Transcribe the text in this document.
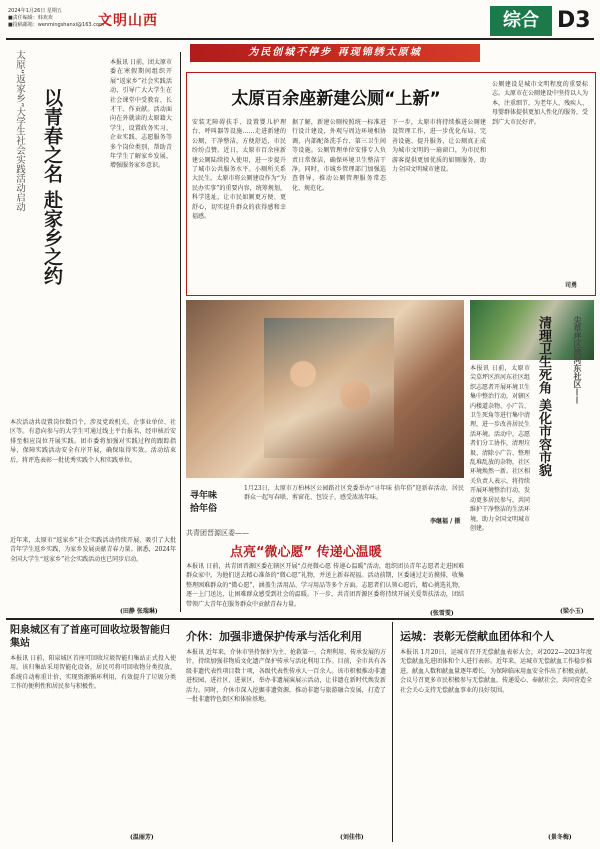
2024年1月26日 星期五
■责任编辑：韩欢欢
■投稿邮箱：wenmingshanxi@163.com
文明山西	综合 D3
为民创城不停步 再现锦绣太原城
太原“返家乡”大学生社会实践活动启动 以青春之名 赴家乡之约
本报讯 日前，团太原市委在寒假期间组织开展“返家乡”社会实践活动，引导广大大学生在社会课堂中受教育、长才干、作贡献。活动面向在外就读的太原籍大学生，设置政务实习、企业实践、志愿服务等多个岗位类别，帮助青年学生了解家乡发展，增强服务家乡意识。
本次活动共设置岗位数百个，涉及党政机关、企事业单位、社区等。有意向参与的大学生可通过线上平台报名，经审核后安排至相应岗位开展实践。团市委将加强对实践过程的跟踪指导，保障实践活动安全有序开展，确保取得实效。活动结束后，将评选表彰一批优秀实践个人和实践单位。
近年来，太原市“返家乡”社会实践活动持续开展，吸引了大批青年学生返乡实践，为家乡发展贡献青春力量。据悉，2024年全国大学生“返家乡”社会实践活动也已同步启动。
(田静 张瑞琳)
太原百余座新建公厕“上新”
安装无障碍扶手、设置婴儿护理台、呼叫器等设施……走进新建的公厕，干净整洁，方便舒适，市民纷纷点赞。近日，太原市百余座新建公厕陆续投入使用，进一步提升了城市公共服务水平。小厕所关系大民生。太原市将公厕建设作为“为民办实事”的重要内容，统筹规划，科学选址，让市民如厕更方便、更舒心，切实提升群众的获得感和幸福感。
据了解，新建公厕按照统一标准进行设计建设，外观与周边环境相协调，内部配备洗手台、第三卫生间等设施。公厕管理单位安排专人负责日常保洁，确保环境卫生整洁干净。同时，市城乡管理部门加强巡查督导，推动公厕管理服务常态化、规范化。
下一步，太原市将持续推进公厕建设管理工作，进一步优化布局、完善设施、提升服务，让公厕真正成为城市文明的一扇窗口，为市民和游客提供更加优质的如厕服务，助力全国文明城市建设。
公厕建设是城市文明程度的重要标志。太原市在公厕建设中坚持以人为本，注重细节，为老年人、残疾人、母婴群体提供更加人性化的服务，受到广大市民好评。
司勇
寻年味
拾年俗
1月23日，太原市万柏林区公园路社区党委举办“寻年味 拾年俗”迎新春活动，居民群众一起写春联、剪窗花、包饺子，感受浓浓年味。
李继福 / 摄
共青团晋源区委——
点亮“微心愿” 传递心温暖
本报讯 日前，共青团晋源区委在辖区开展“点亮微心愿 传递心温暖”活动，组织团员青年志愿者走进困难群众家中，为他们送去精心准备的“微心愿”礼物，并送上新春祝福。活动前期，区委通过走访摸排，收集整理困难群众的“微心愿”，涵盖生活用品、学习用品等多个方面。志愿者们认领心愿后，精心挑选礼物，逐一上门送达，让困难群众感受到社会的温暖。下一步，共青团晋源区委将持续开展关爱帮扶活动，团结带领广大青年在服务群众中贡献青春力量。
(张雪雯)
尖草坪区滨河东社区——
清理卫生死角 美化市容市貌
本报讯 日前，太原市尖草坪区滨河东社区组织志愿者开展环境卫生集中整治行动，对辖区内楼道杂物、小广告、卫生死角等进行集中清理，进一步改善居民生活环境。活动中，志愿者们分工协作，清理垃圾、清除小广告、整理乱堆乱放的杂物，社区环境焕然一新。社区相关负责人表示，将持续开展环境整治行动，发动更多居民参与，共同维护干净整洁的生活环境，助力全国文明城市创建。
(梁小玉)
阳泉城区有了首座可回收垃圾智能归集站
本报讯 日前，阳泉城区首座可回收垃圾智能归集站正式投入使用。该归集站采用智能化设备，居民可将可回收物分类投放，系统自动称重计价，实现资源循环利用，有效提升了垃圾分类工作的便利性和居民参与积极性。
(温丽芳)
介休：加强非遗保护传承与活化利用
本报讯 近年来，介休市坚持保护为主、抢救第一、合理利用、传承发展的方针，持续加强非物质文化遗产保护传承与活化利用工作。目前，全市共有各级非遗代表性项目数十项，各级代表性传承人一百余人。该市积极推动非遗进校园、进社区、进景区，举办非遗展演展示活动，让非遗在新时代焕发新活力。同时，介休市深入挖掘非遗资源，推动非遗与旅游融合发展，打造了一批非遗特色街区和体验基地。
(刘佳伟)
运城：表彰无偿献血团体和个人
本报讯 1月20日，运城市召开无偿献血表彰大会，对2022—2023年度无偿献血先进团体和个人进行表彰。近年来，运城市无偿献血工作稳步推进，献血人数和献血量逐年增长，为保障临床用血安全作出了积极贡献。会议号召更多市民积极参与无偿献血，传递爱心、奉献社会，共同营造全社会关心支持无偿献血事业的良好氛围。
(景冬梅)
